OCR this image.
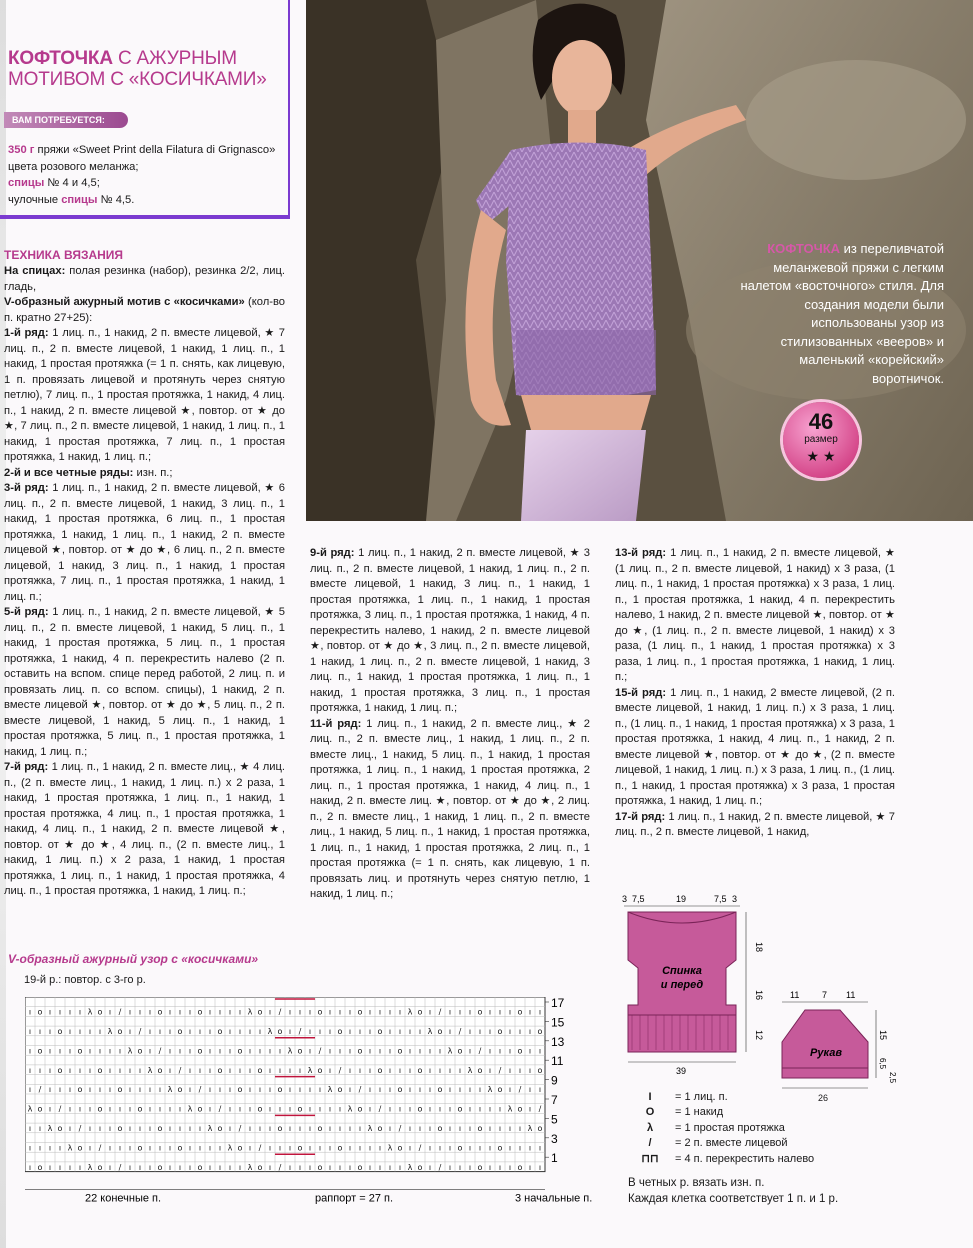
КОФТОЧКА С АЖУРНЫМ
МОТИВОМ С «КОСИЧКАМИ»
ВАМ ПОТРЕБУЕТСЯ:
350 г пряжи «Sweet Print della Filatura di Grignasco» цвета розового меланжа;
спицы № 4 и 4,5;
чулочные спицы № 4,5.
ТЕХНИКА ВЯЗАНИЯ

На спицах: полая резинка (набор), резинка 2/2, лиц. гладь,

V-образный ажурный мотив с «косичками» (кол-во п. кратно 27+25):

1-й ряд: 1 лиц. п., 1 накид, 2 п. вместе лицевой, ★ 7 лиц. п., 2 п. вместе лицевой, 1 накид, 1 лиц. п., 1 накид, 1 простая протяжка (= 1 п. снять, как лицевую, 1 п. провязать лицевой и протянуть через снятую петлю), 7 лиц. п., 1 простая протяжка, 1 накид, 4 лиц. п., 1 накид, 2 п. вместе лицевой ★, повтор. от ★ до ★, 7 лиц. п., 2 п. вместе лицевой, 1 накид, 1 лиц. п., 1 накид, 1 простая протяжка, 7 лиц. п., 1 простая протяжка, 1 накид, 1 лиц. п.;

2-й и все четные ряды: изн. п.;

3-й ряд: 1 лиц. п., 1 накид, 2 п. вместе лицевой, ★ 6 лиц. п., 2 п. вместе лицевой, 1 накид, 3 лиц. п., 1 накид, 1 простая протяжка, 6 лиц. п., 1 простая протяжка, 1 накид, 1 лиц. п., 1 накид, 2 п. вместе лицевой ★, повтор. от ★ до ★, 6 лиц. п., 2 п. вместе лицевой, 1 накид, 3 лиц. п., 1 накид, 1 простая протяжка, 7 лиц. п., 1 простая протяжка, 1 накид, 1 лиц. п.;

5-й ряд: 1 лиц. п., 1 накид, 2 п. вместе лицевой, ★ 5 лиц. п., 2 п. вместе лицевой, 1 накид, 5 лиц. п., 1 накид, 1 простая протяжка, 5 лиц. п., 1 простая протяжка, 1 накид, 4 п. перекрестить налево (2 п. оставить на вспом. спице перед работой, 2 лиц. п. и провязать лиц. п. со вспом. спицы), 1 накид, 2 п. вместе лицевой ★, повтор. от ★ до ★, 5 лиц. п., 2 п. вместе лицевой, 1 накид, 5 лиц. п., 1 накид, 1 простая протяжка, 5 лиц. п., 1 простая протяжка, 1 накид, 1 лиц. п.;

7-й ряд: 1 лиц. п., 1 накид, 2 п. вместе лиц., ★ 4 лиц. п., (2 п. вместе лиц., 1 накид, 1 лиц. п.) х 2 раза, 1 накид, 1 простая протяжка, 1 лиц. п., 1 накид, 1 простая протяжка, 4 лиц. п., 1 простая протяжка, 1 накид, 4 лиц. п., 1 накид, 2 п. вместе лицевой ★, повтор. от ★ до ★, 4 лиц. п., (2 п. вместе лиц., 1 накид, 1 лиц. п.) х 2 раза, 1 накид, 1 простая протяжка, 1 лиц. п., 1 накид, 1 простая протяжка, 4 лиц. п., 1 простая протяжка, 1 накид, 1 лиц. п.;

9-й ряд: 1 лиц. п., 1 накид, 2 п. вместе лицевой, ★ 3 лиц. п., 2 п. вместе лицевой, 1 накид, 1 лиц. п., 2 п. вместе лицевой, 1 накид, 3 лиц. п., 1 накид, 1 простая протяжка, 1 лиц. п., 1 накид, 1 простая протяжка, 3 лиц. п., 1 простая протяжка, 1 накид, 4 п. перекрестить налево, 1 накид, 2 п. вместе лицевой ★, повтор. от ★ до ★, 3 лиц. п., 2 п. вместе лицевой, 1 накид, 1 лиц. п., 2 п. вместе лицевой, 1 накид, 3 лиц. п., 1 накид, 1 простая протяжка, 1 лиц. п., 1 накид, 1 простая протяжка, 3 лиц. п., 1 простая протяжка, 1 накид, 1 лиц. п.;

11-й ряд: 1 лиц. п., 1 накид, 2 п. вместе лиц., ★ 2 лиц. п., 2 п. вместе лиц., 1 накид, 1 лиц. п., 2 п. вместе лиц., 1 накид, 5 лиц. п., 1 накид, 1 простая протяжка, 1 лиц. п., 1 накид, 1 простая протяжка, 2 лиц. п., 1 простая протяжка, 1 накид, 4 лиц. п., 1 накид, 2 п. вместе лиц. ★, повтор. от ★ до ★, 2 лиц. п., 2 п. вместе лиц., 1 накид, 1 лиц. п., 2 п. вместе лиц., 1 накид, 5 лиц. п., 1 накид, 1 простая протяжка, 1 лиц. п., 1 накид, 1 простая протяжка, 2 лиц. п., 1 простая протяжка (= 1 п. снять, как лицевую, 1 п. провязать лиц. и протянуть через снятую петлю, 1 накид, 1 лиц. п.;

13-й ряд: 1 лиц. п., 1 накид, 2 п. вместе лицевой, ★ (1 лиц. п., 2 п. вместе лицевой, 1 накид) х 3 раза, (1 лиц. п., 1 накид, 1 простая протяжка) х 3 раза, 1 лиц. п., 1 простая протяжка, 1 накид, 4 п. перекрестить налево, 1 накид, 2 п. вместе лицевой ★, повтор. от ★ до ★, (1 лиц. п., 2 п. вместе лицевой, 1 накид) х 3 раза, (1 лиц. п., 1 накид, 1 простая протяжка) х 3 раза, 1 лиц. п., 1 простая протяжка, 1 накид, 1 лиц. п.;

15-й ряд: 1 лиц. п., 1 накид, 2 вместе лицевой, (2 п. вместе лицевой, 1 накид, 1 лиц. п.) х 3 раза, 1 лиц. п., (1 лиц. п., 1 накид, 1 простая протяжка) х 3 раза, 1 простая протяжка, 1 накид, 4 лиц. п., 1 накид, 2 п. вместе лицевой ★, повтор. от ★ до ★, (2 п. вместе лицевой, 1 накид, 1 лиц. п.) х 3 раза, 1 лиц. п., (1 лиц. п., 1 накид, 1 простая протяжка) х 3 раза, 1 простая протяжка, 1 накид, 1 лиц. п.;

17-й ряд: 1 лиц. п., 1 накид, 2 п. вместе лицевой, ★ 7 лиц. п., 2 п. вместе лицевой, 1 накид,

КОФТОЧКА из переливчатой меланжевой пряжи с легким налетом «восточного» стиля. Для создания модели были использованы узор из стилизованных «вееров» и маленький «корейский» воротничок.
46
размер
★ ★
V-образный ажурный узор с «косичками»
19-й р.: повтор. с 3-го р.
ı o ı ı ı ı λ o ı / ı ı ı o ı ı ı o ı ı ı ı λ o ı / ı ı ı o ı ı ı o ı ı ı ı λ o ı / ı ı ı o ı ı ı o ı ı
ı ı ı ı λ o ı / ı ı ı o ı ı ı o ı ı ı ı λ o ı / ı ı ı o ı ı ı o ı ı ı ı λ o ı / ı ı ı o ı ı ı o ı ı ı ı
ı ı λ o ı / ı ı ı o ı ı ı o ı ı ı ı λ o ı / ı ı ı o ı ı ı o ı ı ı ı λ o ı / ı ı ı o ı ı ı o ı ı ı ı λ o
λ o ı / ı ı ı o ı ı ı o ı ı ı ı λ o ı / ı ı ı o ı ı ı o ı ı ı ı λ o ı / ı ı ı o ı ı ı o ı ı ı ı λ o ı /
ı / ı ı ı o ı ı ı o ı ı ı ı λ o ı / ı ı ı o ı ı ı o ı ı ı ı λ o ı / ı ı ı o ı ı ı o ı ı ı ı λ o ı / ı ı
ı ı ı o ı ı ı o ı ı ı ı λ o ı / ı ı ı o ı ı ı o ı ı ı ı λ o ı / ı ı ı o ı ı ı o ı ı ı ı λ o ı / ı ı ı o
ı o ı ı ı o ı ı ı ı λ o ı / ı ı ı o ı ı ı o ı ı ı ı λ o ı / ı ı ı o ı ı ı o ı ı ı ı λ o ı / ı ı ı o ı ı
ı ı ı o ı ı ı ı λ o ı / ı ı ı o ı ı ı o ı ı ı ı λ o ı / ı ı ı o ı ı ı o ı ı ı ı λ o ı / ı ı ı o ı ı ı o
ı o ı ı ı ı λ o ı / ı ı ı o ı ı ı o ı ı ı ı λ o ı / ı ı ı o ı ı ı o ı ı ı ı λ o ı / ı ı ı o ı ı ı o ı ı
17
15
13
11
9
7
5
3
1
22 конечные п.	раппорт = 27 п.	3 начальные п.
Спинка
и перед
3 7,5	19	7,5 3
18
16
12
39
Рукав
11	7 11
15
6,5
2,5
26
I = 1 лиц. п.
O = 1 накид
λ = 1 простая протяжка
/ = 2 п. вместе лицевой
⊓⊓ = 4 п. перекрестить налево
В четных р. вязать изн. п.
Каждая клетка соответствует 1 п. и 1 р.
